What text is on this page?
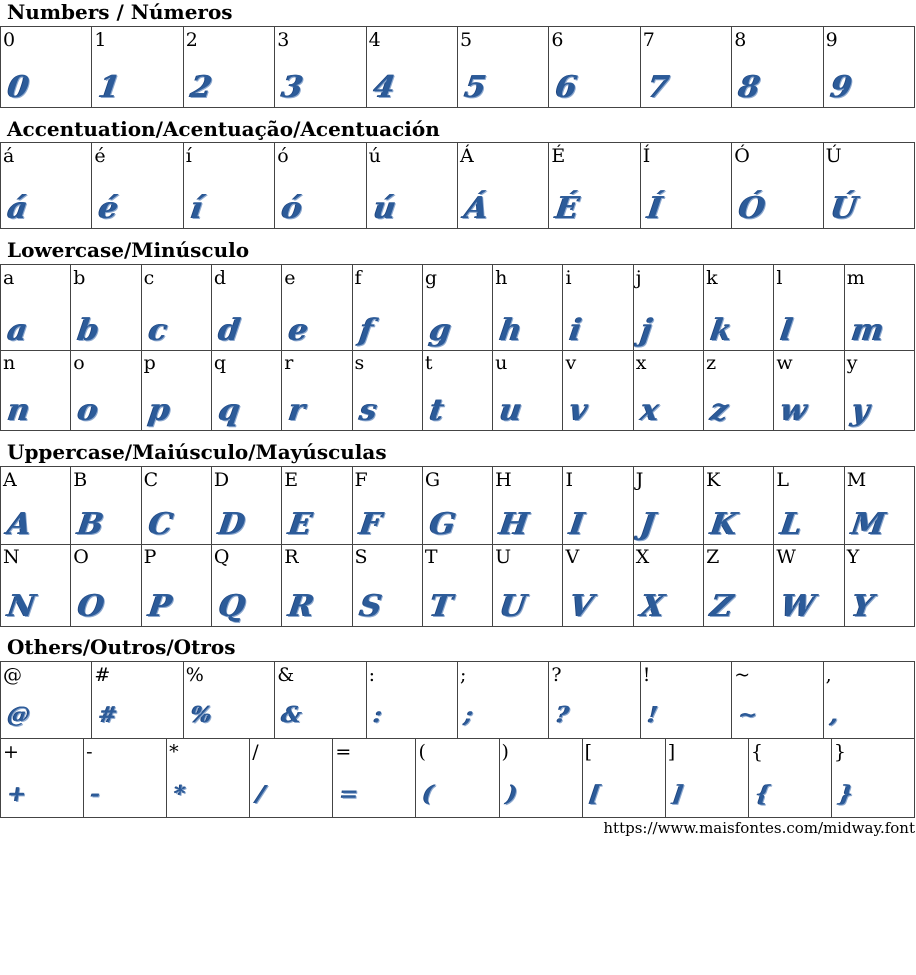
Numbers / Números
0
0
1
1
2
2
3
3
4
4
5
5
6
6
7
7
8
8
9
9
Accentuation/Acentuação/Acentuación
á
á
é
é
í
í
ó
ó
ú
ú
Á
Á
É
É
Í
Í
Ó
Ó
Ú
Ú
Lowercase/Minúsculo
a
a
b
b
c
c
d
d
e
e
f
f
g
g
h
h
i
i
j
j
k
k
l
l
m
m
n
n
o
o
p
p
q
q
r
r
s
s
t
t
u
u
v
v
x
x
z
z
w
w
y
y
Uppercase/Maiúsculo/Mayúsculas
A
A
B
B
C
C
D
D
E
E
F
F
G
G
H
H
I
I
J
J
K
K
L
L
M
M
N
N
O
O
P
P
Q
Q
R
R
S
S
T
T
U
U
V
V
X
X
Z
Z
W
W
Y
Y
Others/Outros/Otros
@
@
#
#
%
%
&
&
:
:
;
;
?
?
!
!
~
~
,
,
+
+
-
-
*
*
/
/
=
=
(
(
)
)
[
[
]
]
{
{
}
}
https://www.maisfontes.com/midway.font
